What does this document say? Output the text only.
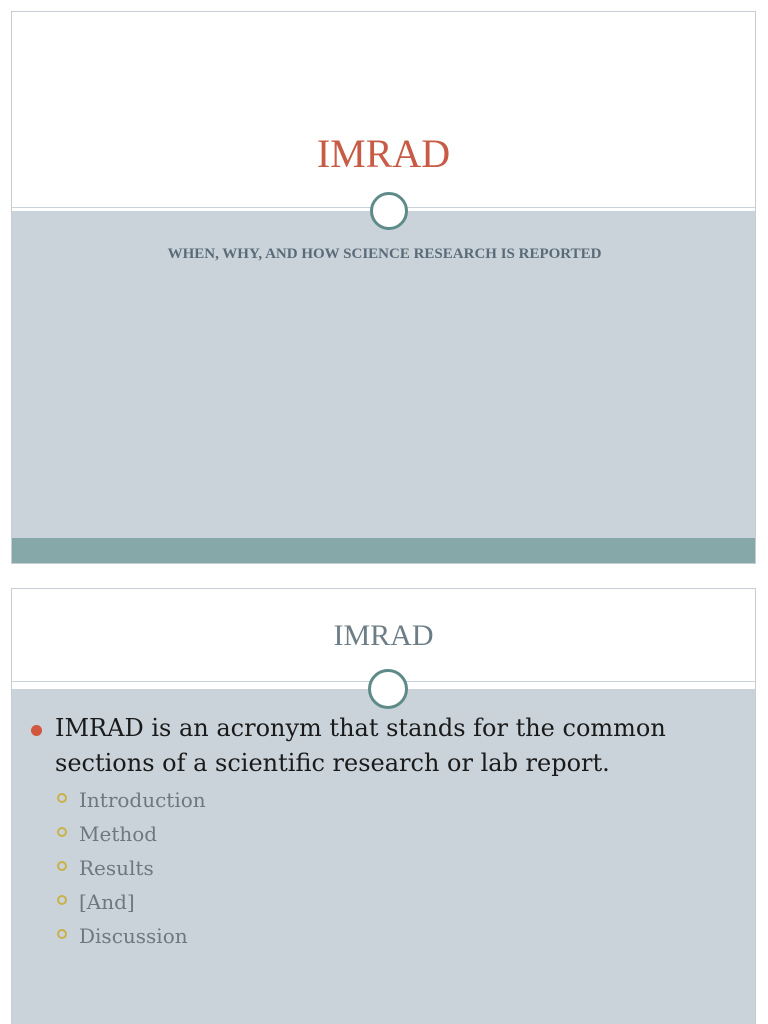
IMRAD
WHEN, WHY, AND HOW SCIENCE RESEARCH IS REPORTED
IMRAD
IMRAD is an acronym that stands for the common sections of a scientific research or lab report.
Introduction
Method
Results
[And]
Discussion
